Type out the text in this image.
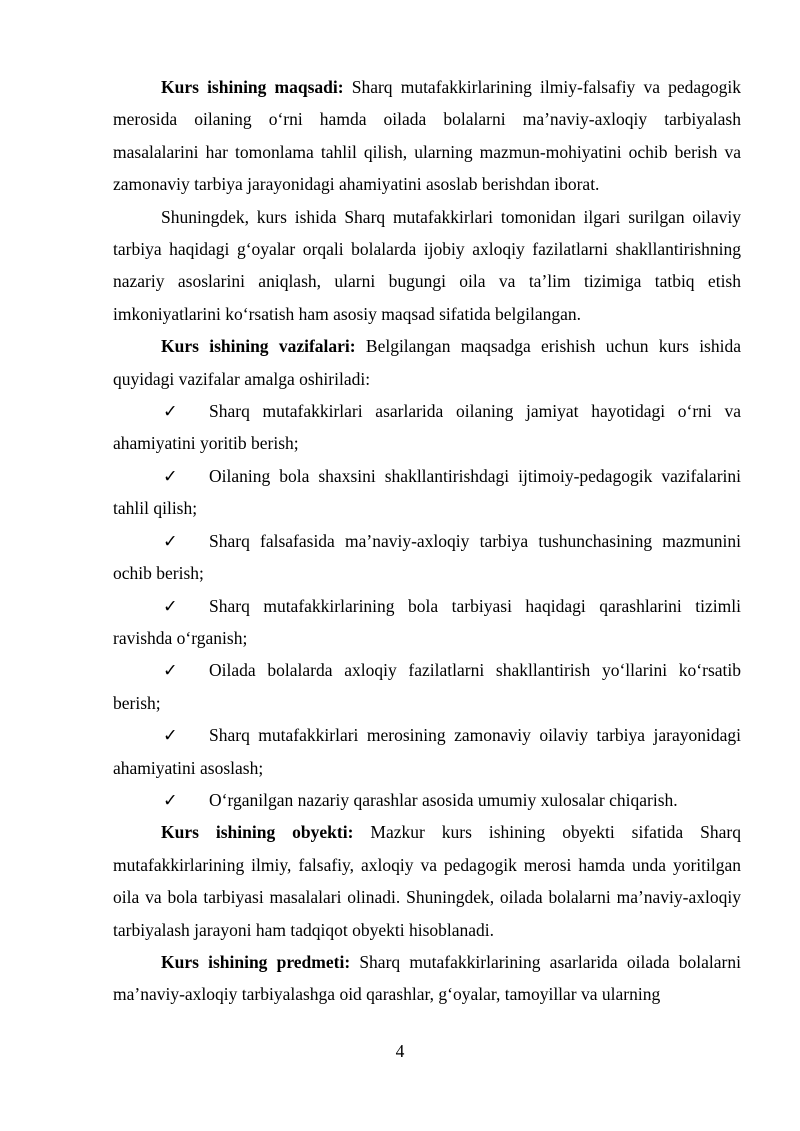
Kurs ishining maqsadi: Sharq mutafakkirlarining ilmiy-falsafiy va pedagogik merosida oilaning oʻrni hamda oilada bolalarni maʼnaviy-axloqiy tarbiyalash masalalarini har tomonlama tahlil qilish, ularning mazmun-mohiyatini ochib berish va zamonaviy tarbiya jarayonidagi ahamiyatini asoslab berishdan iborat.

Shuningdek, kurs ishida Sharq mutafakkirlari tomonidan ilgari surilgan oilaviy tarbiya haqidagi gʻoyalar orqali bolalarda ijobiy axloqiy fazilatlarni shakllantirishning nazariy asoslarini aniqlash, ularni bugungi oila va taʼlim tizimiga tatbiq etish imkoniyatlarini koʻrsatish ham asosiy maqsad sifatida belgilangan.

Kurs ishining vazifalari: Belgilangan maqsadga erishish uchun kurs ishida quyidagi vazifalar amalga oshiriladi:

✓	Sharq mutafakkirlari asarlarida oilaning jamiyat hayotidagi oʻrni va ahamiyatini yoritib berish;

✓	Oilaning bola shaxsini shakllantirishdagi ijtimoiy-pedagogik vazifalarini tahlil qilish;

✓	Sharq falsafasida maʼnaviy-axloqiy tarbiya tushunchasining mazmunini ochib berish;

✓	Sharq mutafakkirlarining bola tarbiyasi haqidagi qarashlarini tizimli ravishda oʻrganish;

✓	Oilada bolalarda axloqiy fazilatlarni shakllantirish yoʻllarini koʻrsatib berish;

✓	Sharq mutafakkirlari merosining zamonaviy oilaviy tarbiya jarayonidagi ahamiyatini asoslash;

✓	Oʻrganilgan nazariy qarashlar asosida umumiy xulosalar chiqarish.

Kurs ishining obyekti: Mazkur kurs ishining obyekti sifatida Sharq mutafakkirlarining ilmiy, falsafiy, axloqiy va pedagogik merosi hamda unda yoritilgan oila va bola tarbiyasi masalalari olinadi. Shuningdek, oilada bolalarni maʼnaviy-axloqiy tarbiyalash jarayoni ham tadqiqot obyekti hisoblanadi.

Kurs ishining predmeti: Sharq mutafakkirlarining asarlarida oilada bolalarni maʼnaviy-axloqiy tarbiyalashga oid qarashlar, gʻoyalar, tamoyillar va ularning

4
